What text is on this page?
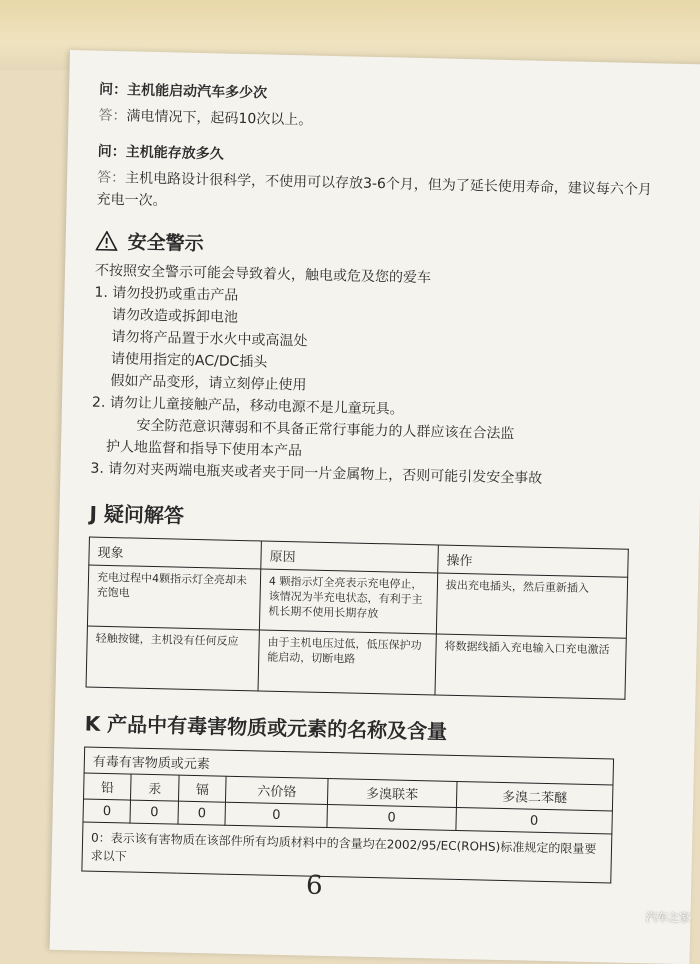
问：主机能启动汽车多少次
答：满电情况下，起码10次以上。
问：主机能存放多久
答：主机电路设计很科学，不使用可以存放3-6个月，但为了延长使用寿命，建议每六个月充电一次。
安全警示
不按照安全警示可能会导致着火，触电或危及您的爱车
1. 请勿投扔或重击产品
请勿改造或拆卸电池
请勿将产品置于水火中或高温处
请使用指定的AC/DC插头
假如产品变形，请立刻停止使用
2. 请勿让儿童接触产品，移动电源不是儿童玩具。
安全防范意识薄弱和不具备正常行事能力的人群应该在合法监
护人地监督和指导下使用本产品
3. 请勿对夹两端电瓶夹或者夹于同一片金属物上，否则可能引发安全事故
J 疑问解答
现象	原因	操作
充电过程中4颗指示灯全亮却未充饱电	4 颗指示灯全亮表示充电停止，该情况为半充电状态，有利于主机长期不使用长期存放	拔出充电插头，然后重新插入
轻触按键，主机没有任何反应	由于主机电压过低，低压保护功能启动，切断电路	将数据线插入充电输入口充电激活
K 产品中有毒害物质或元素的名称及含量
有毒有害物质或元素					
铅	汞	镉	六价铬	多溴联苯	多溴二苯醚
0	0	0	0	0	0
0：表示该有害物质在该部件所有均质材料中的含量均在2002/95/EC(ROHS)标准规定的限量要求以下					
6
汽车之家
